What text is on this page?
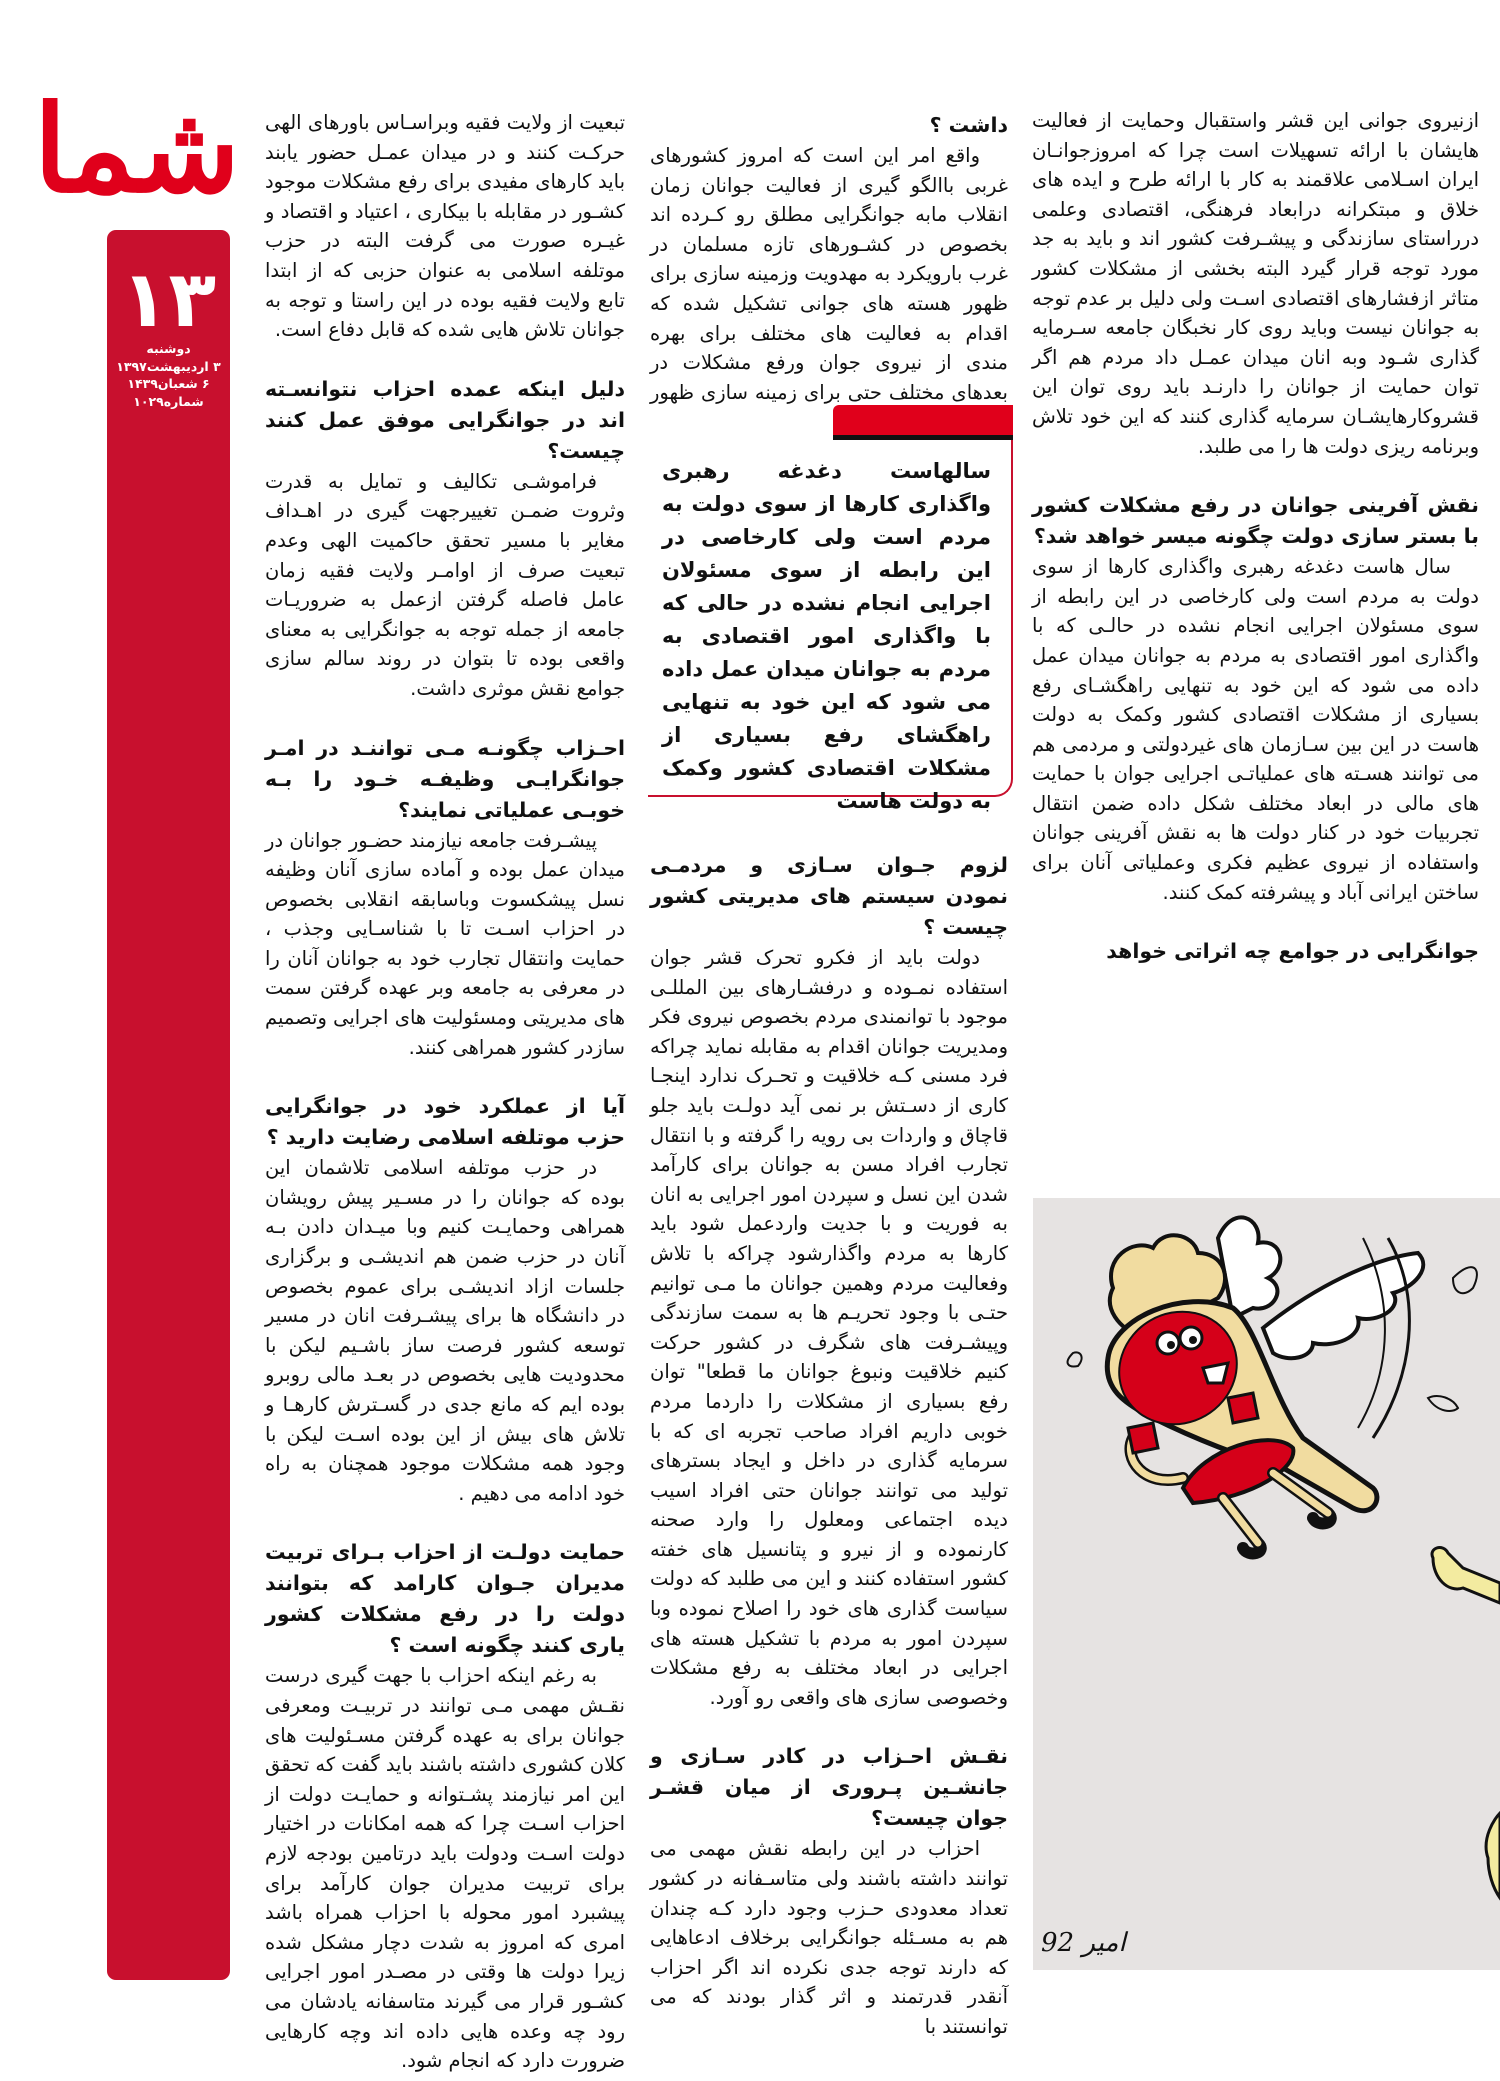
شما
۱۳
دوشنبه
۳ اردیبهشت۱۳۹۷
۶ شعبان۱۴۳۹
شماره۱۰۲۹

تبعیت از ولایت فقیه وبراسـاس باورهای الهی حرکـت کنند و در میدان عمـل حضور یابند باید کارهای مفیدی برای رفع مشکلات موجود کشـور در مقابله با بیکاری ، اعتیاد و اقتصاد و غیـره صورت می گرفت البته در حزب موتلفه اسلامی به عنوان حزبی که از ابتدا تابع ولایت فقیه بوده در این راستا و توجه به جوانان تلاش هایی شده که قابل دفاع است.

دلیل اینکه عمده احزاب نتوانسـته اند در جوانگرایی موفق عمل کنند چیست؟

فراموشـی تکالیف و تمایل به قدرت وثروت ضمـن تغییرجهت گیری در اهـداف مغایر با مسیر تحقق حاکمیت الهی وعدم تبعیت صرف از اوامـر ولایت فقیه زمان عامل فاصله گرفتن ازعمل به ضروریـات جامعه از جمله توجه به جوانگرایی به معنای واقعی بوده تا بتوان در روند سالم سازی جوامع نقش موثری داشت.

احـزاب چگونـه مـی تواننـد در امـر جوانگرایـی وظیفـه خـود را بـه خوبـی عملیاتی نمایند؟

پیشـرفت جامعه نیازمند حضـور جوانان در میدان عمل بوده و آماده سازی آنان وظیفه نسل پیشکسوت وباسابقه انقلابی بخصوص در احزاب اسـت تا با شناسـایی وجذب ، حمایت وانتقال تجارب خود به جوانان آنان را در معرفی به جامعه وبر عهده گرفتن سمت های مدیریتی ومسئولیت های اجرایی وتصمیم سازدر کشور همراهی کنند.

آیا از عملکرد خود در جوانگرایی حزب موتلفه اسلامی رضایت دارید ؟

در حزب موتلفه اسلامی تلاشمان این بوده که جوانان را در مسـیر پیش رویشان همراهی وحمایـت کنیم وبا میـدان دادن بـه آنان در حزب ضمن هم اندیشـی و برگزاری جلسات ازاد اندیشـی برای عموم بخصوص در دانشگاه ها برای پیشـرفت انان در مسیر توسعه کشور فرصت ساز باشـیم لیکن با محدودیت هایی بخصوص در بعـد مالی روبرو بوده ایم که مانع جدی در گسـترش کارهـا و تلاش های بیش از این بوده اسـت لیکن با وجود همه مشکلات موجود همچنان به راه خود ادامه می دهیم .

حمایت دولـت از احزاب بـرای تربیت مدیران جـوان کارامد که بتوانند دولت را در رفع مشکلات کشور یاری کنند چگونه است ؟

به رغم اینکه احزاب با جهت گیری درست نقـش مهمی مـی توانند در تربیـت ومعرفی جوانان برای به عهده گرفتن مسـئولیت های کلان کشوری داشته باشند باید گفت که تحقق این امر نیازمند پشـتوانه و حمایـت دولت از احزاب اسـت چرا که همه امکانات در اختیار دولت اسـت ودولت باید درتامین بودجه لازم برای تربیت مدیران جوان کارآمد برای پیشبرد امور محوله با احزاب همراه باشد امری که امروز به شدت دچار مشکل شده زیرا دولت ها وقتی در مصـدر امور اجرایی کشـور قرار می گیرند متاسفانه یادشان می رود چه وعده هایی داده اند وچه کارهایی ضرورت دارد که انجام شود.

داشت ؟

واقع امر این است که امروز کشورهای غربی باالگو گیری از فعالیت جوانان زمان انقلاب مابه جوانگرایی مطلق رو کـرده اند بخصوص در کشـورهای تازه مسلمان در غرب بارویکرد به مهدویت وزمینه سازی برای ظهور هسته های جوانی تشکیل شده که اقدام به فعالیت های مختلف برای بهره مندی از نیروی جوان ورفع مشکلات در بعدهای مختلف حتی برای زمینه سازی ظهور

سالهاست دغدغه رهبری واگذاری کارها از سوی دولت به مردم است ولی کارخاصی در این رابطه از سوی مسئولان اجرایی انجام نشده در حالی که با واگذاری امور اقتصادی به مردم به جوانان میدان عمل داده می شود که این خود به تنهایی راهگشای رفع بسیاری از مشکلات اقتصادی کشور وکمک به دولت هاست
لزوم جـوان سـازی و مردمـی نمودن سیستم های مدیریتی کشور چیست ؟

دولت باید از فکرو تحرک قشر جوان استفاده نمـوده و درفشـارهای بین المللـی موجود با توانمندی مردم بخصوص نیروی فکر ومدیریت جوانان اقدام به مقابله نماید چراکه فرد مسنی کـه خلاقیت و تحـرک ندارد اینجـا کاری از دسـتش بر نمی آید دولـت باید جلو قاچاق و واردات بی رویه را گرفته و با انتقال تجارب افراد مسن به جوانان برای کارآمد شدن این نسل و سپردن امور اجرایی به انان به فوریت و با جدیت واردعمل شود باید کارها به مردم واگذارشود چراکه با تلاش وفعالیت مردم وهمین جوانان ما مـی توانیم حتـی با وجود تحریـم ها به سمت سازندگی وپیشـرفت های شگرف در کشور حرکت کنیم خلاقیت ونبوغ جوانان ما قطعا" توان رفع بسیاری از مشکلات را داردما مردم خوبی داریم افراد صاحب تجربه ای که با سرمایه گذاری در داخل و ایجاد بسترهای تولید می توانند جوانان حتی افراد اسیب دیده اجتماعی ومعلول را وارد صحنه کارنموده و از نیرو و پتانسیل های خفته کشور استفاده کنند و این می طلبد که دولت سیاست گذاری های خود را اصلاح نموده وبا سپردن امور به مردم با تشکیل هسته های اجرایی در ابعاد مختلف به رفع مشکلات وخصوصی سازی های واقعی رو آورد.

نقـش احـزاب در کادر سـازی و جانشـین پـروری از میان قشـر جوان چیست؟

احزاب در این رابطه نقش مهمی می توانند داشته باشند ولی متاسـفانه در کشور تعداد معدودی حـزب وجود دارد کـه چندان هم به مسـئله جوانگرایی برخلاف ادعاهایی که دارند توجه جدی نکرده اند اگر احزاب آنقدر قدرتمند و اثر گذار بودند که می توانستند با

ازنیروی جوانی این قشر واستقبال وحمایت از فعالیت هایشان با ارائه تسهیلات است چرا که امروزجوانـان ایران اسـلامی علاقمند به کار با ارائه طرح و ایده های خلاق و مبتکرانه درابعاد فرهنگی، اقتصادی وعلمی درراستای سازندگی و پیشـرفت کشور اند و باید به جد مورد توجه قرار گیرد البته بخشی از مشکلات کشور متاثر ازفشارهای اقتصادی اسـت ولی دلیل بر عدم توجه به جوانان نیست وباید روی کار نخبگان جامعه سـرمایه گذاری شـود وبه انان میدان عمـل داد مردم هم اگر توان حمایت از جوانان را دارنـد باید روی توان این قشروکارهایشـان سرمایه گذاری کنند که این خود تلاش وبرنامه ریزی دولت ها را می طلبد.

نقش آفرینی جوانان در رفع مشکلات کشور با بستر سازی دولت چگونه میسر خواهد شد؟

سال هاست دغدغه رهبری واگذاری کارها از سوی دولت به مردم است ولی کارخاصی در این رابطه از سوی مسئولان اجرایی انجام نشده در حالـی که با واگذاری امور اقتصادی به مردم به جوانان میدان عمل داده می شود که این خود به تنهایی راهگشـای رفع بسیاری از مشکلات اقتصادی کشور وکمک به دولت هاست در این بین سـازمان های غیردولتی و مردمی هم می توانند هسـته های عملیاتـی اجرایی جوان با حمایت های مالی در ابعاد مختلف شکل داده ضمن انتقال تجربیات خود در کنار دولت ها به نقش آفرینی جوانان واستفاده از نیروی عظیم فکری وعملیاتی آنان برای ساختن ایرانی آباد و پیشرفته کمک کنند.

جوانگرایی در جوامع چه اثراتی خواهد
92 امیر
